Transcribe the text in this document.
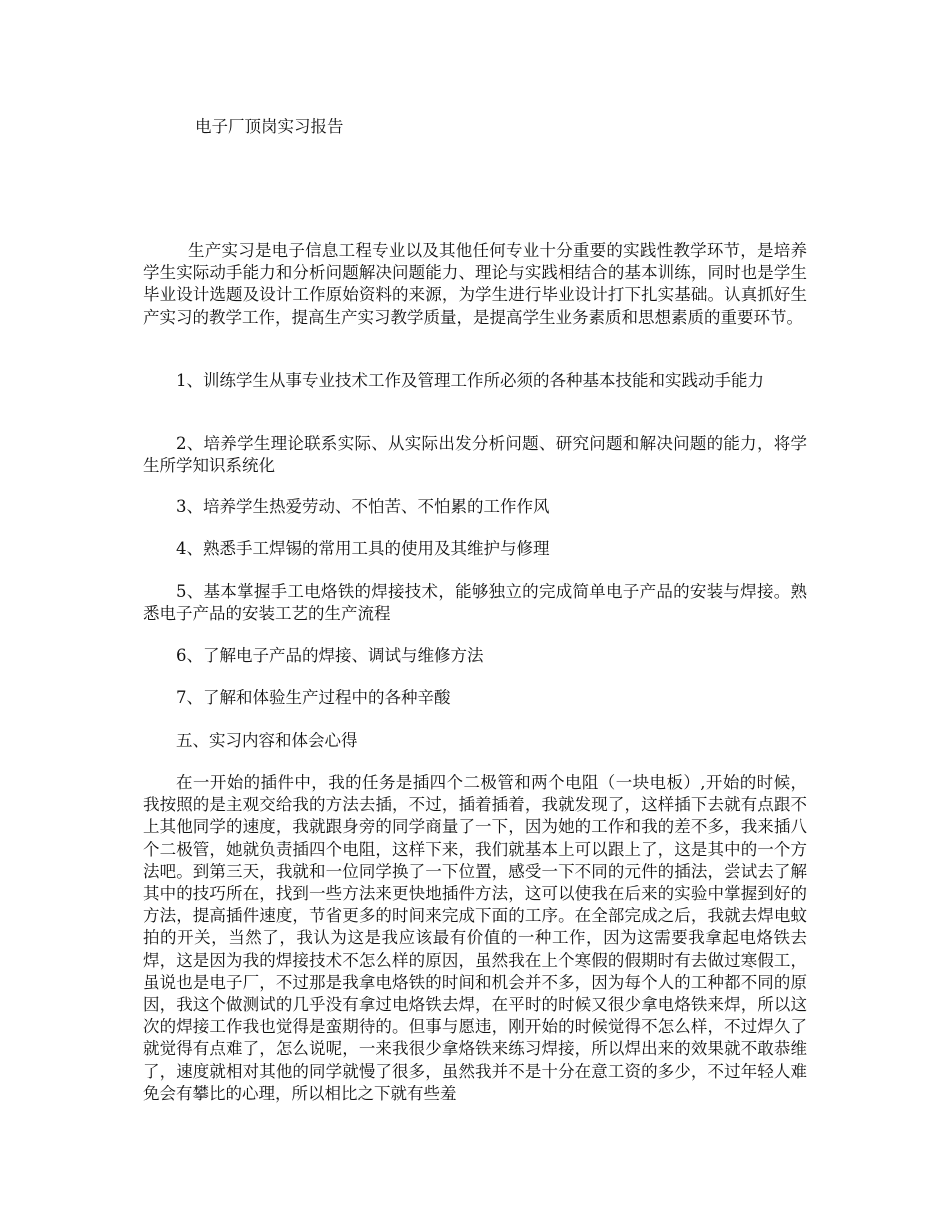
电子厂顶岗实习报告

生产实习是电子信息工程专业以及其他任何专业十分重要的实践性教学环节，是培养学生实际动手能力和分析问题解决问题能力、理论与实践相结合的基本训练，同时也是学生毕业设计选题及设计工作原始资料的来源，为学生进行毕业设计打下扎实基础。认真抓好生产实习的教学工作，提高生产实习教学质量，是提高学生业务素质和思想素质的重要环节。

1、训练学生从事专业技术工作及管理工作所必须的各种基本技能和实践动手能力

2、培养学生理论联系实际、从实际出发分析问题、研究问题和解决问题的能力，将学生所学知识系统化

3、培养学生热爱劳动、不怕苦、不怕累的工作作风

4、熟悉手工焊锡的常用工具的使用及其维护与修理

5、基本掌握手工电烙铁的焊接技术，能够独立的完成简单电子产品的安装与焊接。熟悉电子产品的安装工艺的生产流程

6、了解电子产品的焊接、调试与维修方法

7、了解和体验生产过程中的各种辛酸

五、实习内容和体会心得

在一开始的插件中，我的任务是插四个二极管和两个电阻（一块电板）,开始的时候，我按照的是主观交给我的方法去插，不过，插着插着，我就发现了，这样插下去就有点跟不上其他同学的速度，我就跟身旁的同学商量了一下，因为她的工作和我的差不多，我来插八个二极管，她就负责插四个电阻，这样下来，我们就基本上可以跟上了，这是其中的一个方法吧。到第三天，我就和一位同学换了一下位置，感受一下不同的元件的插法，尝试去了解其中的技巧所在，找到一些方法来更快地插件方法，这可以使我在后来的实验中掌握到好的方法，提高插件速度，节省更多的时间来完成下面的工序。在全部完成之后，我就去焊电蚊拍的开关，当然了，我认为这是我应该最有价值的一种工作，因为这需要我拿起电烙铁去焊，这是因为我的焊接技术不怎么样的原因，虽然我在上个寒假的假期时有去做过寒假工，虽说也是电子厂，不过那是我拿电烙铁的时间和机会并不多，因为每个人的工种都不同的原因，我这个做测试的几乎没有拿过电烙铁去焊，在平时的时候又很少拿电烙铁来焊，所以这次的焊接工作我也觉得是蛮期待的。但事与愿违，刚开始的时候觉得不怎么样，不过焊久了就觉得有点难了，怎么说呢，一来我很少拿烙铁来练习焊接，所以焊出来的效果就不敢恭维了，速度就相对其他的同学就慢了很多，虽然我并不是十分在意工资的多少，不过年轻人难免会有攀比的心理，所以相比之下就有些羞
